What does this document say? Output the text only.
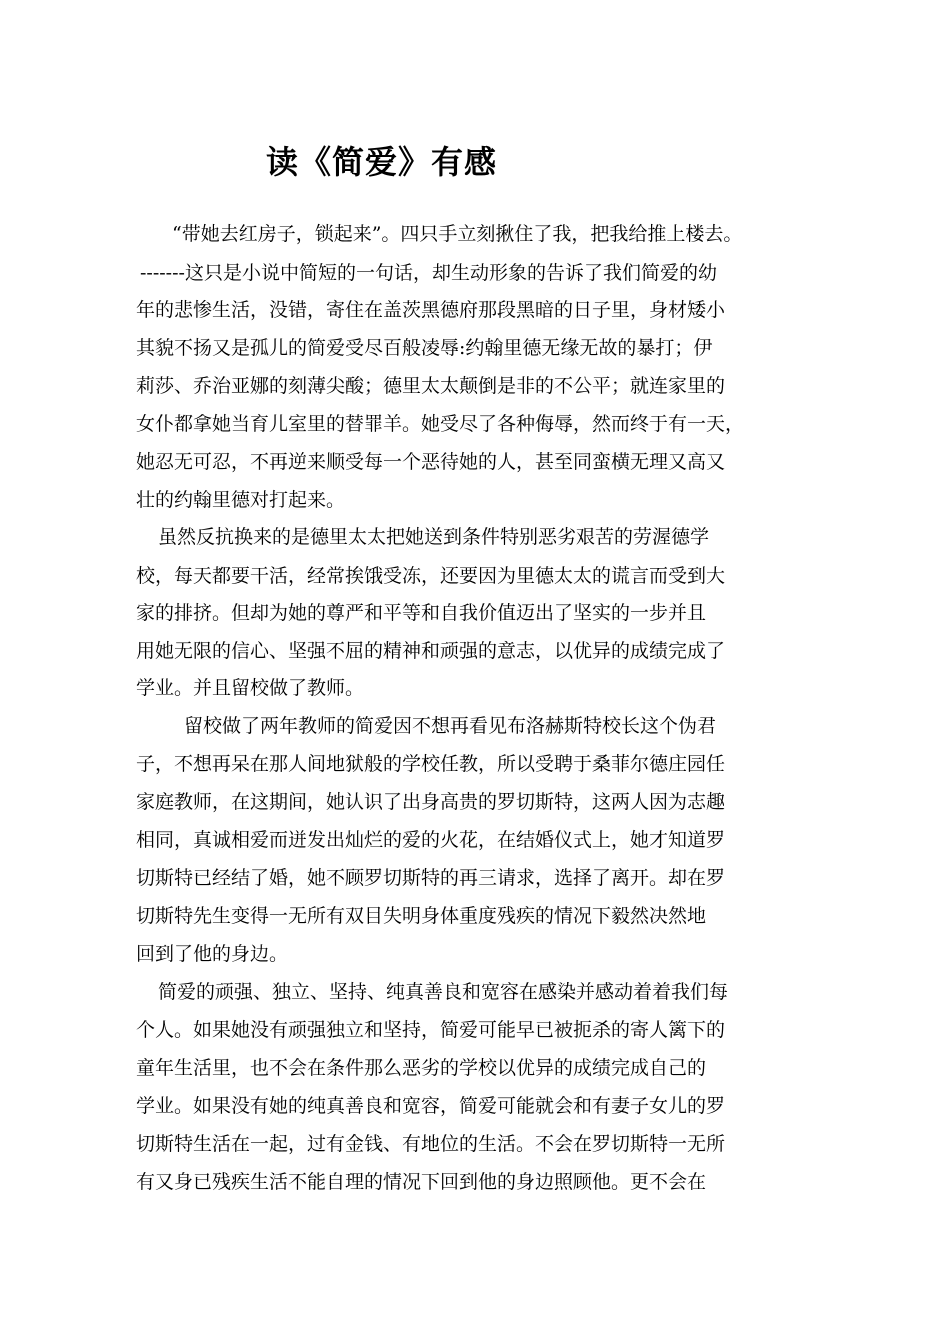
读《简爱》有感
“带她去红房子，锁起来”。四只手立刻揪住了我，把我给推上楼去。
-------这只是小说中简短的一句话，却生动形象的告诉了我们简爱的幼
年的悲惨生活，没错，寄住在盖茨黑德府那段黑暗的日子里，身材矮小
其貌不扬又是孤儿的简爱受尽百般凌辱:约翰里德无缘无故的暴打；伊
莉莎、乔治亚娜的刻薄尖酸；德里太太颠倒是非的不公平；就连家里的
女仆都拿她当育儿室里的替罪羊。她受尽了各种侮辱，然而终于有一天，
她忍无可忍，不再逆来顺受每一个恶待她的人，甚至同蛮横无理又高又
壮的约翰里德对打起来。
虽然反抗换来的是德里太太把她送到条件特别恶劣艰苦的劳渥德学
校，每天都要干活，经常挨饿受冻，还要因为里德太太的谎言而受到大
家的排挤。但却为她的尊严和平等和自我价值迈出了坚实的一步并且
用她无限的信心、坚强不屈的精神和顽强的意志，以优异的成绩完成了
学业。并且留校做了教师。
留校做了两年教师的简爱因不想再看见布洛赫斯特校长这个伪君
子，不想再呆在那人间地狱般的学校任教，所以受聘于桑菲尔德庄园任
家庭教师，在这期间，她认识了出身高贵的罗切斯特，这两人因为志趣
相同，真诚相爱而迸发出灿烂的爱的火花，在结婚仪式上，她才知道罗
切斯特已经结了婚，她不顾罗切斯特的再三请求，选择了离开。却在罗
切斯特先生变得一无所有双目失明身体重度残疾的情况下毅然决然地
回到了他的身边。
简爱的顽强、独立、坚持、纯真善良和宽容在感染并感动着着我们每
个人。如果她没有顽强独立和坚持，简爱可能早已被扼杀的寄人篱下的
童年生活里，也不会在条件那么恶劣的学校以优异的成绩完成自己的
学业。如果没有她的纯真善良和宽容，简爱可能就会和有妻子女儿的罗
切斯特生活在一起，过有金钱、有地位的生活。不会在罗切斯特一无所
有又身已残疾生活不能自理的情况下回到他的身边照顾他。更不会在
